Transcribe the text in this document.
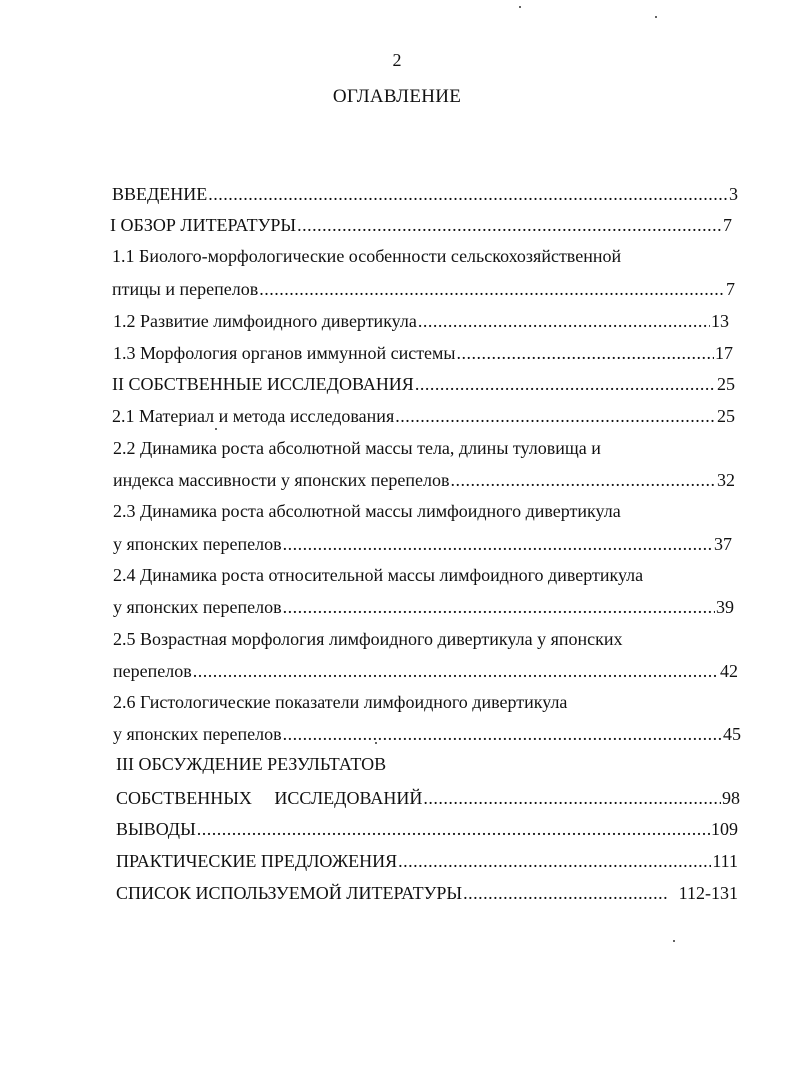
2
ОГЛАВЛЕНИЕ
ВВЕДЕНИЕ .....	3
I ОБЗОР ЛИТЕРАТУРЫ .....	7
1.1 Биолого-морфологические особенности сельскохозяйственной
птицы и перепелов .....	7
1.2 Развитие лимфоидного дивертикула .....	13
1.3 Морфология органов иммунной системы .....	17
II СОБСТВЕННЫЕ ИССЛЕДОВАНИЯ .....	25
2.1 Материал и метода исследования .....	25
2.2 Динамика роста абсолютной массы тела, длины туловища и
индекса массивности у японских перепелов .....	32
2.3 Динамика роста абсолютной массы лимфоидного дивертикула
у японских перепелов .....	37
2.4 Динамика роста относительной массы лимфоидного дивертикула
у японских перепелов .....	39
2.5 Возрастная морфология лимфоидного дивертикула у японских
перепелов .....	42
2.6 Гистологические показатели лимфоидного дивертикула
у японских перепелов .....	45
III ОБСУЖДЕНИЕ РЕЗУЛЬТАТОВ
СОБСТВЕННЫХ     ИССЛЕДОВАНИЙ .....	98
ВЫВОДЫ .....	109
ПРАКТИЧЕСКИЕ ПРЕДЛОЖЕНИЯ .....	111
СПИСОК ИСПОЛЬЗУЕМОЙ ЛИТЕРАТУРЫ .....	112-131
